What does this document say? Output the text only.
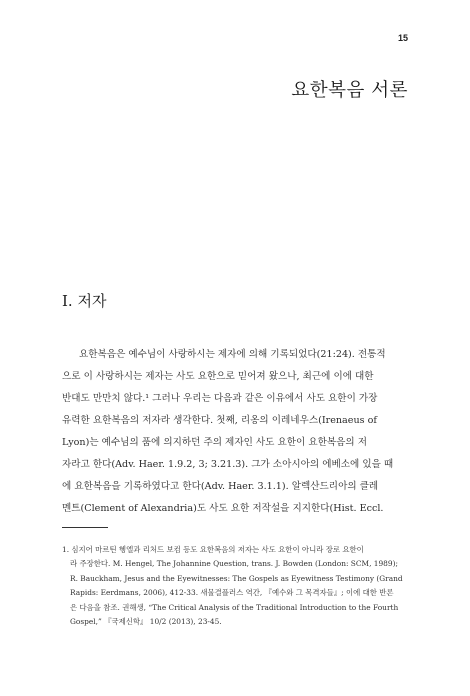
15
요한복음 서론
I. 저자
요한복음은 예수님이 사랑하시는 제자에 의해 기록되었다(21:24). 전통적
으로 이 사랑하시는 제자는 사도 요한으로 믿어져 왔으나, 최근에 이에 대한
반대도 만만치 않다.¹ 그러나 우리는 다음과 같은 이유에서 사도 요한이 가장
유력한 요한복음의 저자라 생각한다. 첫째, 리옹의 이레네우스(Irenaeus of
Lyon)는 예수님의 품에 의지하던 주의 제자인 사도 요한이 요한복음의 저
자라고 한다(Adv. Haer. 1.9.2, 3; 3.21.3). 그가 소아시아의 에베소에 있을 때
에 요한복음을 기록하였다고 한다(Adv. Haer. 3.1.1). 알렉산드리아의 클레
멘트(Clement of Alexandria)도 사도 요한 저작설을 지지한다(Hist. Eccl.
1. 심지어 마르틴 헹엘과 리처드 보컴 등도 요한복음의 저자는 사도 요한이 아니라 장로 요한이
라 주장한다. M. Hengel, The Johannine Question, trans. J. Bowden (London: SCM, 1989);
R. Bauckham, Jesus and the Eyewitnesses: The Gospels as Eyewitness Testimony (Grand
Rapids: Eerdmans, 2006), 412-33. 새물결플러스 역간, 『예수와 그 목격자들』; 이에 대한 반론
은 다음을 참조. 권해생, “The Critical Analysis of the Traditional Introduction to the Fourth
Gospel,” 『국제신학』 10/2 (2013), 23-45.
